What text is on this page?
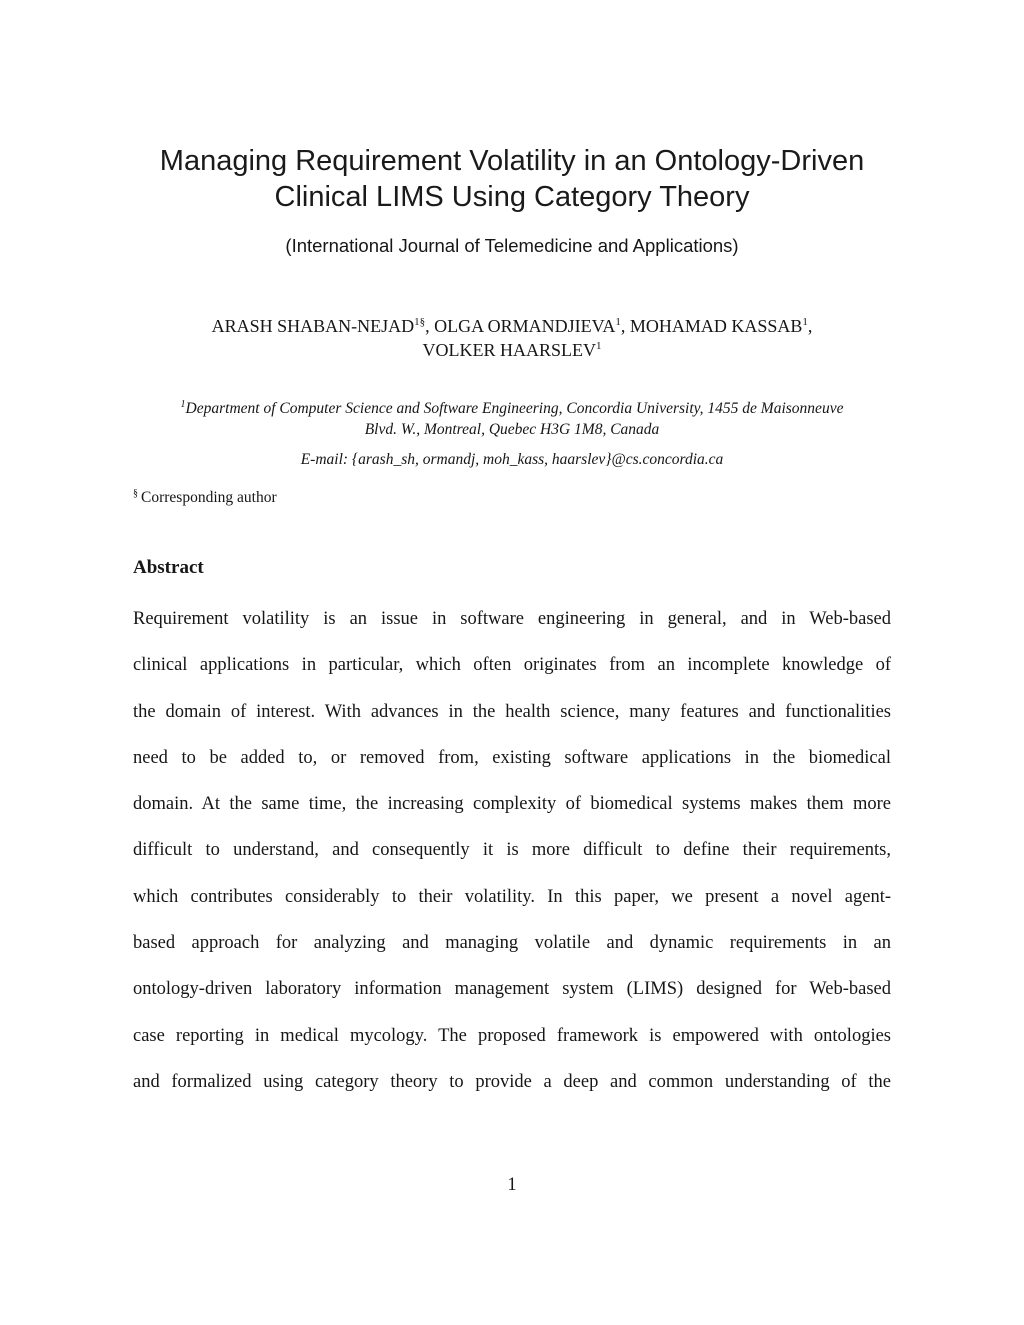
Managing Requirement Volatility in an Ontology-Driven
Clinical LIMS Using Category Theory
(International Journal of Telemedicine and Applications)
ARASH SHABAN-$NEJAD^{1\S}$, OLGA ORMANDJIEVA$^1$, MOHAMAD KASSAB$^1$,
VOLKER HAARSLEV$^1$
$^1$Department of Computer Science and Software Engineering, Concordia University, 1455 de Maisonneuve
Blvd. W., Montreal, Quebec H3G 1M8, Canada
E-mail: {arash_sh, ormandj, moh_kass, haarslev}@cs.concordia.ca
§ Corresponding author
Abstract
Requirement volatility is an issue in software engineering in general, and in Web-based
clinical applications in particular, which often originates from an incomplete knowledge of
the domain of interest. With advances in the health science, many features and functionalities
need to be added to, or removed from, existing software applications in the biomedical
domain. At the same time, the increasing complexity of biomedical systems makes them more
difficult to understand, and consequently it is more difficult to define their requirements,
which contributes considerably to their volatility. In this paper, we present a novel agent-
based approach for analyzing and managing volatile and dynamic requirements in an
ontology-driven laboratory information management system (LIMS) designed for Web-based
case reporting in medical mycology. The proposed framework is empowered with ontologies
and formalized using category theory to provide a deep and common understanding of the
1
